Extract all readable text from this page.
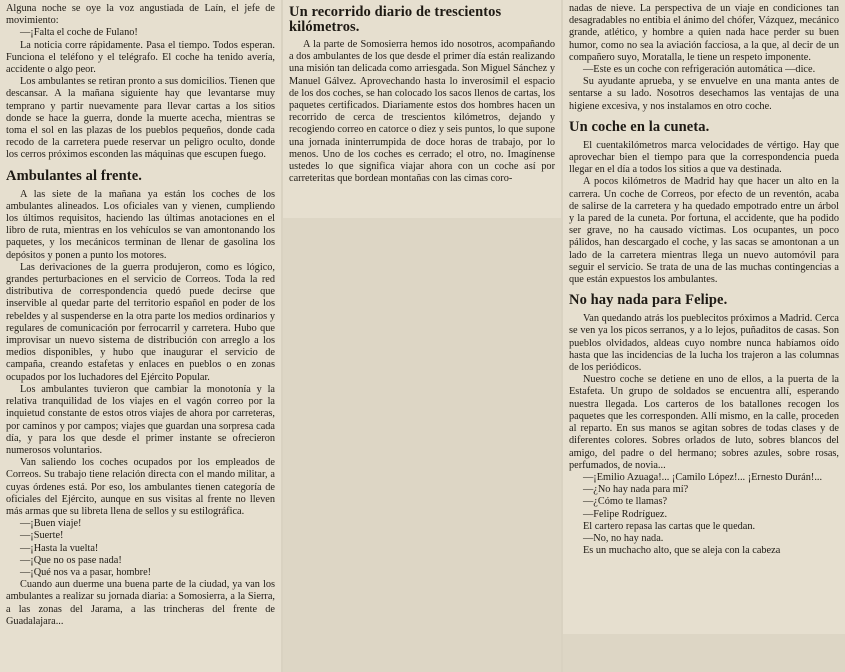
Alguna noche se oye la voz angustiada de Laín, el jefe de movimiento:

—¡Falta el coche de Fulano!

La noticia corre rápidamente. Pasa el tiempo. Todos esperan. Funciona el teléfono y el telégrafo. El coche ha tenido avería, accidente o algo peor.

Los ambulantes se retiran pronto a sus domicilios. Tienen que descansar. A la mañana siguiente hay que levantarse muy temprano y partir nuevamente para llevar cartas a los sitios donde se hace la guerra, donde la muerte acecha, mientras se toma el sol en las plazas de los pueblos pequeños, donde cada recodo de la carretera puede reservar un peligro oculto, donde los cerros próximos esconden las máquinas que escupen fuego.

Ambulantes al frente.

A las siete de la mañana ya están los coches de los ambulantes alineados. Los oficiales van y vienen, cumpliendo los últimos requisitos, haciendo las últimas anotaciones en el libro de ruta, mientras en los vehículos se van amontonando los paquetes, y los mecánicos terminan de llenar de gasolina los depósitos y ponen a punto los motores.

Las derivaciones de la guerra produjeron, como es lógico, grandes perturbaciones en el servicio de Correos. Toda la red distributiva de correspondencia quedó puede decirse que inservible al quedar parte del territorio español en poder de los rebeldes y al suspenderse en la otra parte los medios ordinarios y regulares de comunicación por ferrocarril y carretera. Hubo que improvisar un nuevo sistema de distribución con arreglo a los medios disponibles, y hubo que inaugurar el servicio de campaña, creando estafetas y enlaces en pueblos o en zonas ocupados por los luchadores del Ejército Popular.

Los ambulantes tuvieron que cambiar la monotonía y la relativa tranquilidad de los viajes en el vagón correo por la inquietud constante de estos otros viajes de ahora por carreteras, por caminos y por campos; viajes que guardan una sorpresa cada día, y para los que desde el primer instante se ofrecieron numerosos voluntarios.

Van saliendo los coches ocupados por los empleados de Correos. Su trabajo tiene relación directa con el mando militar, a cuyas órdenes está. Por eso, los ambulantes tienen categoría de oficiales del Ejército, aunque en sus visitas al frente no lleven más armas que su libreta llena de sellos y su estilográfica.

—¡Buen viaje!

—¡Suerte!

—¡Hasta la vuelta!

—¡Que no os pase nada!

—¡Qué nos va a pasar, hombre!

Cuando aun duerme una buena parte de la ciudad, ya van los ambulantes a realizar su jornada diaria: a Somosierra, a la Sierra, a las zonas del Jarama, a las trincheras del frente de Guadalajara...

Un recorrido diario de trescientos kilómetros.

A la parte de Somosierra hemos ido nosotros, acompañando a dos ambulantes de los que desde el primer día están realizando una misión tan delicada como arriesgada. Son Miguel Sánchez y Manuel Gálvez. Aprovechando hasta lo inverosímil el espacio de los dos coches, se han colocado los sacos llenos de cartas, los paquetes certificados. Diariamente estos dos hombres hacen un recorrido de cerca de trescientos kilómetros, dejando y recogiendo correo en catorce o diez y seis puntos, lo que supone una jornada ininterrumpida de doce horas de trabajo, por lo menos. Uno de los coches es cerrado; el otro, no. Imagínense ustedes lo que significa viajar ahora con un coche así por carreteritas que bordean montañas con las cimas coro-

nadas de nieve. La perspectiva de un viaje en condiciones tan desagradables no entibia el ánimo del chófer, Vázquez, mecánico grande, atlético, y hombre a quien nada hace perder su buen humor, como no sea la aviación facciosa, a la que, al decir de un compañero suyo, Moratalla, le tiene un respeto imponente.

—Este es un coche con refrigeración automática —dice.

Su ayudante aprueba, y se envuelve en una manta antes de sentarse a su lado. Nosotros desechamos las ventajas de una higiene excesiva, y nos instalamos en otro coche.

Un coche en la cuneta.

El cuentakilómetros marca velocidades de vértigo. Hay que aprovechar bien el tiempo para que la correspondencia pueda llegar en el día a todos los sitios a que va destinada.

A pocos kilómetros de Madrid hay que hacer un alto en la carrera. Un coche de Correos, por efecto de un reventón, acaba de salirse de la carretera y ha quedado empotrado entre un árbol y la pared de la cuneta. Por fortuna, el accidente, que ha podido ser grave, no ha causado víctimas. Los ocupantes, un poco pálidos, han descargado el coche, y las sacas se amontonan a un lado de la carretera mientras llega un nuevo automóvil para seguir el servicio. Se trata de una de las muchas contingencias a que están expuestos los ambulantes.

No hay nada para Felipe.

Van quedando atrás los pueblecitos próximos a Madrid. Cerca se ven ya los picos serranos, y a lo lejos, puñaditos de casas. Son pueblos olvidados, aldeas cuyo nombre nunca habíamos oído hasta que las incidencias de la lucha los trajeron a las columnas de los periódicos.

Nuestro coche se detiene en uno de ellos, a la puerta de la Estafeta. Un grupo de soldados se encuentra allí, esperando nuestra llegada. Los carteros de los batallones recogen los paquetes que les corresponden. Allí mismo, en la calle, proceden al reparto. En sus manos se agitan sobres de todas clases y de diferentes colores. Sobres orlados de luto, sobres blancos del amigo, del padre o del hermano; sobres azules, sobre rosas, perfumados, de novia...

—¡Emilio Azuaga!... ¡Camilo López!... ¡Ernesto Durán!...

—¿No hay nada para mí?

—¿Cómo te llamas?

—Felipe Rodríguez.

El cartero repasa las cartas que le quedan.

—No, no hay nada.

Es un muchacho alto, que se aleja con la cabeza
